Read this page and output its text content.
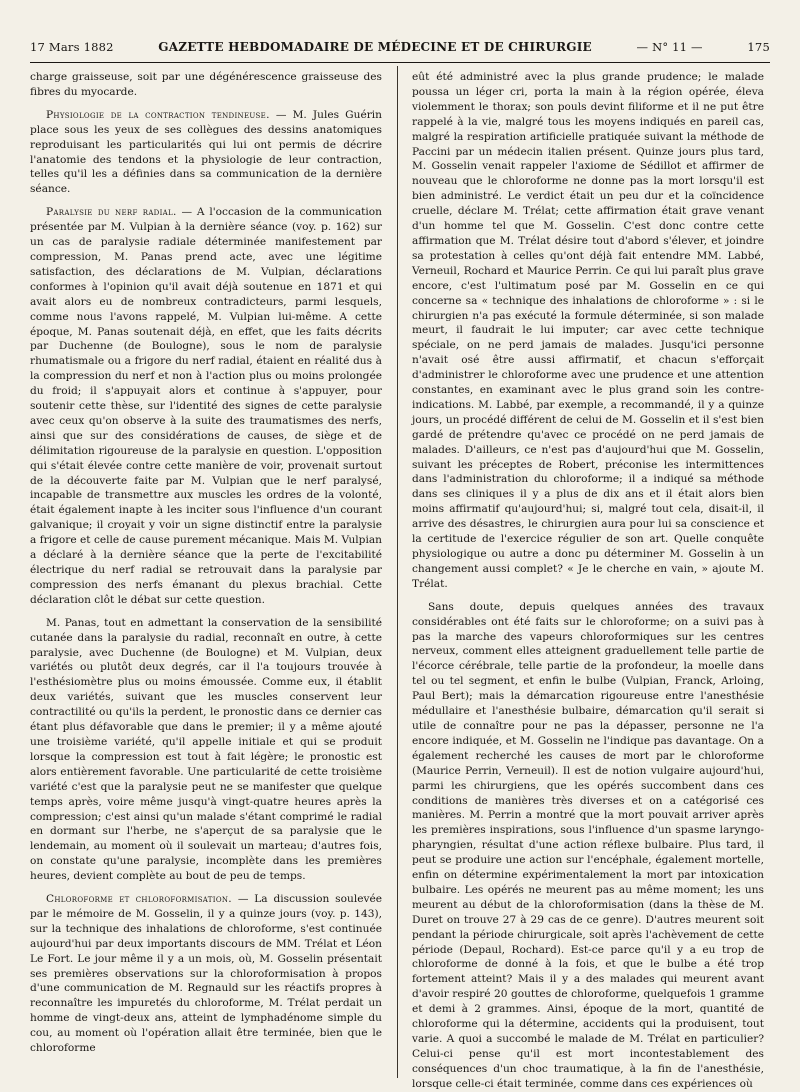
17 Mars 1882	GAZETTE HEBDOMADAIRE DE MÉDECINE ET DE CHIRURGIE	— N° 11 —	175

charge graisseuse, soit par une dégénérescence graisseuse des fibres du myocarde.

Physiologie de la contraction tendineuse. — M. Jules Guérin place sous les yeux de ses collègues des dessins anatomiques reproduisant les particularités qui lui ont permis de décrire l'anatomie des tendons et la physiologie de leur contraction, telles qu'il les a définies dans sa communication de la dernière séance.

Paralysie du nerf radial. — A l'occasion de la communication présentée par M. Vulpian à la dernière séance (voy. p. 162) sur un cas de paralysie radiale déterminée manifestement par compression, M. Panas prend acte, avec une légitime satisfaction, des déclarations de M. Vulpian, déclarations conformes à l'opinion qu'il avait déjà soutenue en 1871 et qui avait alors eu de nombreux contradicteurs, parmi lesquels, comme nous l'avons rappelé, M. Vulpian lui-même. A cette époque, M. Panas soutenait déjà, en effet, que les faits décrits par Duchenne (de Boulogne), sous le nom de paralysie rhumatismale ou a frigore du nerf radial, étaient en réalité dus à la compression du nerf et non à l'action plus ou moins prolongée du froid; il s'appuyait alors et continue à s'appuyer, pour soutenir cette thèse, sur l'identité des signes de cette paralysie avec ceux qu'on observe à la suite des traumatismes des nerfs, ainsi que sur des considérations de causes, de siège et de délimitation rigoureuse de la paralysie en question. L'opposition qui s'était élevée contre cette manière de voir, provenait surtout de la découverte faite par M. Vulpian que le nerf paralysé, incapable de transmettre aux muscles les ordres de la volonté, était également inapte à les inciter sous l'influence d'un courant galvanique; il croyait y voir un signe distinctif entre la paralysie a frigore et celle de cause purement mécanique. Mais M. Vulpian a déclaré à la dernière séance que la perte de l'excitabilité électrique du nerf radial se retrouvait dans la paralysie par compression des nerfs émanant du plexus brachial. Cette déclaration clôt le débat sur cette question.

M. Panas, tout en admettant la conservation de la sensibilité cutanée dans la paralysie du radial, reconnaît en outre, à cette paralysie, avec Duchenne (de Boulogne) et M. Vulpian, deux variétés ou plutôt deux degrés, car il l'a toujours trouvée à l'esthésiomètre plus ou moins émoussée. Comme eux, il établit deux variétés, suivant que les muscles conservent leur contractilité ou qu'ils la perdent, le pronostic dans ce dernier cas étant plus défavorable que dans le premier; il y a même ajouté une troisième variété, qu'il appelle initiale et qui se produit lorsque la compression est tout à fait légère; le pronostic est alors entièrement favorable. Une particularité de cette troisième variété c'est que la paralysie peut ne se manifester que quelque temps après, voire même jusqu'à vingt-quatre heures après la compression; c'est ainsi qu'un malade s'étant comprimé le radial en dormant sur l'herbe, ne s'aperçut de sa paralysie que le lendemain, au moment où il soulevait un marteau; d'autres fois, on constate qu'une paralysie, incomplète dans les premières heures, devient complète au bout de peu de temps.

Chloroforme et chloroformisation. — La discussion soulevée par le mémoire de M. Gosselin, il y a quinze jours (voy. p. 143), sur la technique des inhalations de chloroforme, s'est continuée aujourd'hui par deux importants discours de MM. Trélat et Léon Le Fort. Le jour même il y a un mois, où, M. Gosselin présentait ses premières observations sur la chloroformisation à propos d'une communication de M. Regnauld sur les réactifs propres à reconnaître les impuretés du chloroforme, M. Trélat perdait un homme de vingt-deux ans, atteint de lymphadénome simple du cou, au moment où l'opération allait être terminée, bien que le chloroforme

eût été administré avec la plus grande prudence; le malade poussa un léger cri, porta la main à la région opérée, éleva violemment le thorax; son pouls devint filiforme et il ne put être rappelé à la vie, malgré tous les moyens indiqués en pareil cas, malgré la respiration artificielle pratiquée suivant la méthode de Paccini par un médecin italien présent. Quinze jours plus tard, M. Gosselin venait rappeler l'axiome de Sédillot et affirmer de nouveau que le chloroforme ne donne pas la mort lorsqu'il est bien administré. Le verdict était un peu dur et la coïncidence cruelle, déclare M. Trélat; cette affirmation était grave venant d'un homme tel que M. Gosselin. C'est donc contre cette affirmation que M. Trélat désire tout d'abord s'élever, et joindre sa protestation à celles qu'ont déjà fait entendre MM. Labbé, Verneuil, Rochard et Maurice Perrin. Ce qui lui paraît plus grave encore, c'est l'ultimatum posé par M. Gosselin en ce qui concerne sa « technique des inhalations de chloroforme » : si le chirurgien n'a pas exécuté la formule déterminée, si son malade meurt, il faudrait le lui imputer; car avec cette technique spéciale, on ne perd jamais de malades. Jusqu'ici personne n'avait osé être aussi affirmatif, et chacun s'efforçait d'administrer le chloroforme avec une prudence et une attention constantes, en examinant avec le plus grand soin les contre-indications. M. Labbé, par exemple, a recommandé, il y a quinze jours, un procédé différent de celui de M. Gosselin et il s'est bien gardé de prétendre qu'avec ce procédé on ne perd jamais de malades. D'ailleurs, ce n'est pas d'aujourd'hui que M. Gosselin, suivant les préceptes de Robert, préconise les intermittences dans l'administration du chloroforme; il a indiqué sa méthode dans ses cliniques il y a plus de dix ans et il était alors bien moins affirmatif qu'aujourd'hui; si, malgré tout cela, disait-il, il arrive des désastres, le chirurgien aura pour lui sa conscience et la certitude de l'exercice régulier de son art. Quelle conquête physiologique ou autre a donc pu déterminer M. Gosselin à un changement aussi complet? « Je le cherche en vain, » ajoute M. Trélat.

Sans doute, depuis quelques années des travaux considérables ont été faits sur le chloroforme; on a suivi pas à pas la marche des vapeurs chloroformiques sur les centres nerveux, comment elles atteignent graduellement telle partie de l'écorce cérébrale, telle partie de la profondeur, la moelle dans tel ou tel segment, et enfin le bulbe (Vulpian, Franck, Arloing, Paul Bert); mais la démarcation rigoureuse entre l'anesthésie médullaire et l'anesthésie bulbaire, démarcation qu'il serait si utile de connaître pour ne pas la dépasser, personne ne l'a encore indiquée, et M. Gosselin ne l'indique pas davantage. On a également recherché les causes de mort par le chloroforme (Maurice Perrin, Verneuil). Il est de notion vulgaire aujourd'hui, parmi les chirurgiens, que les opérés succombent dans ces conditions de manières très diverses et on a catégorisé ces manières. M. Perrin a montré que la mort pouvait arriver après les premières inspirations, sous l'influence d'un spasme laryngo-pharyngien, résultat d'une action réflexe bulbaire. Plus tard, il peut se produire une action sur l'encéphale, également mortelle, enfin on détermine expérimentalement la mort par intoxication bulbaire. Les opérés ne meurent pas au même moment; les uns meurent au début de la chloroformisation (dans la thèse de M. Duret on trouve 27 à 29 cas de ce genre). D'autres meurent soit pendant la période chirurgicale, soit après l'achèvement de cette période (Depaul, Rochard). Est-ce parce qu'il y a eu trop de chloroforme de donné à la fois, et que le bulbe a été trop fortement atteint? Mais il y a des malades qui meurent avant d'avoir respiré 20 gouttes de chloroforme, quelquefois 1 gramme et demi à 2 grammes. Ainsi, époque de la mort, quantité de chloroforme qui la détermine, accidents qui la produisent, tout varie. A quoi a succombé le malade de M. Trélat en particulier? Celui-ci pense qu'il est mort incontestablement des conséquences d'un choc traumatique, à la fin de l'anesthésie, lorsque celle-ci était terminée, comme dans ces expériences où
